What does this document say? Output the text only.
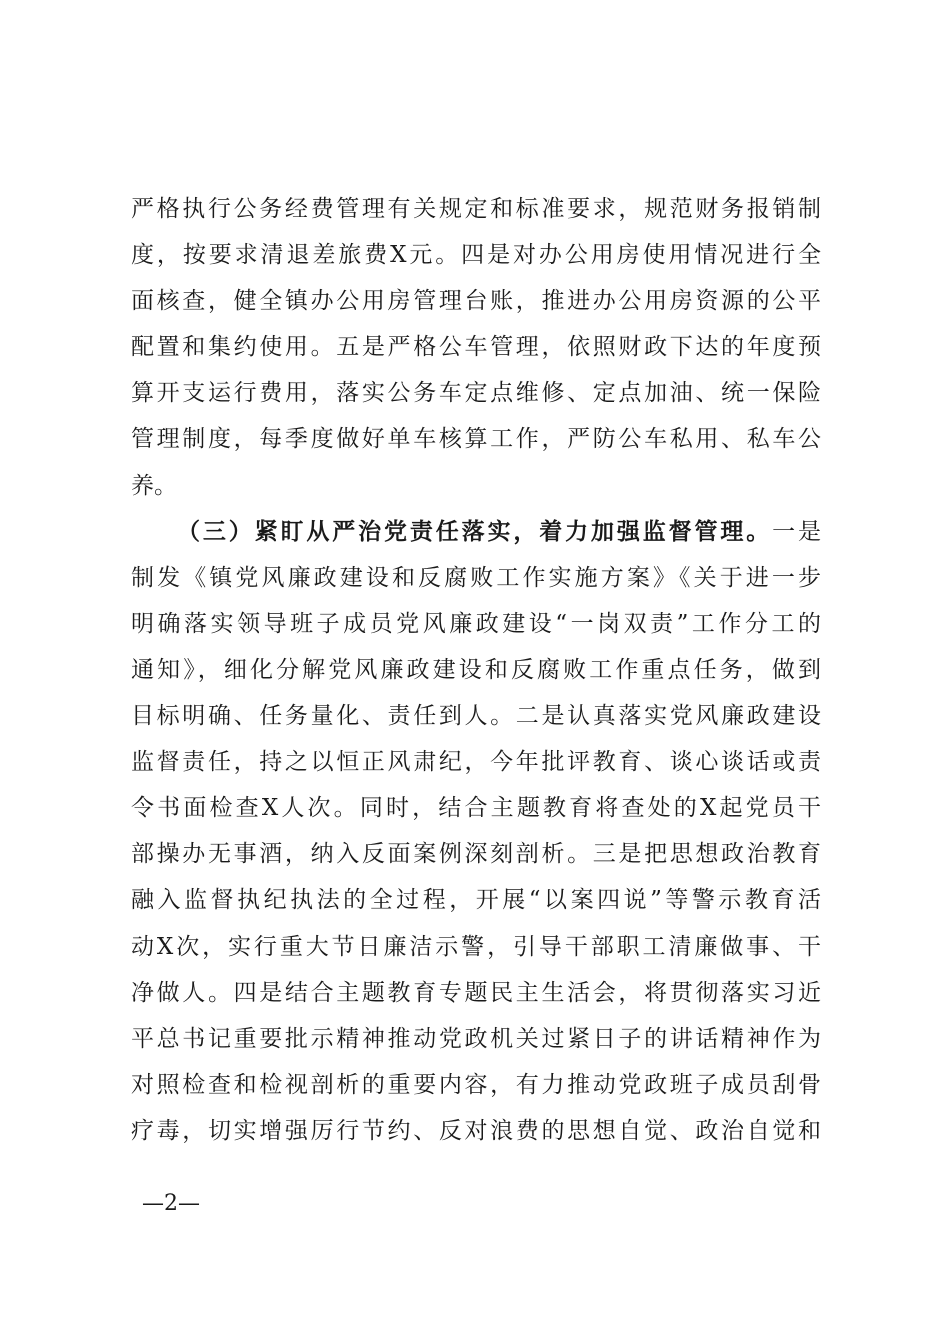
严格执行公务经费管理有关规定和标准要求，规范财务报销制
度，按要求清退差旅费X元。四是对办公用房使用情况进行全
面核查，健全镇办公用房管理台账，推进办公用房资源的公平
配置和集约使用。五是严格公车管理，依照财政下达的年度预
算开支运行费用，落实公务车定点维修、定点加油、统一保险
管理制度，每季度做好单车核算工作，严防公车私用、私车公
养。
（三）紧盯从严治党责任落实，着力加强监督管理。一是
制发《镇党风廉政建设和反腐败工作实施方案》《关于进一步
明确落实领导班子成员党风廉政建设“一岗双责”工作分工的
通知》，细化分解党风廉政建设和反腐败工作重点任务，做到
目标明确、任务量化、责任到人。二是认真落实党风廉政建设
监督责任，持之以恒正风肃纪，今年批评教育、谈心谈话或责
令书面检查X人次。同时，结合主题教育将查处的X起党员干
部操办无事酒，纳入反面案例深刻剖析。三是把思想政治教育
融入监督执纪执法的全过程，开展“以案四说”等警示教育活
动X次，实行重大节日廉洁示警，引导干部职工清廉做事、干
净做人。四是结合主题教育专题民主生活会，将贯彻落实习近
平总书记重要批示精神推动党政机关过紧日子的讲话精神作为
对照检查和检视剖析的重要内容，有力推动党政班子成员刮骨
疗毒，切实增强厉行节约、反对浪费的思想自觉、政治自觉和
—2—
